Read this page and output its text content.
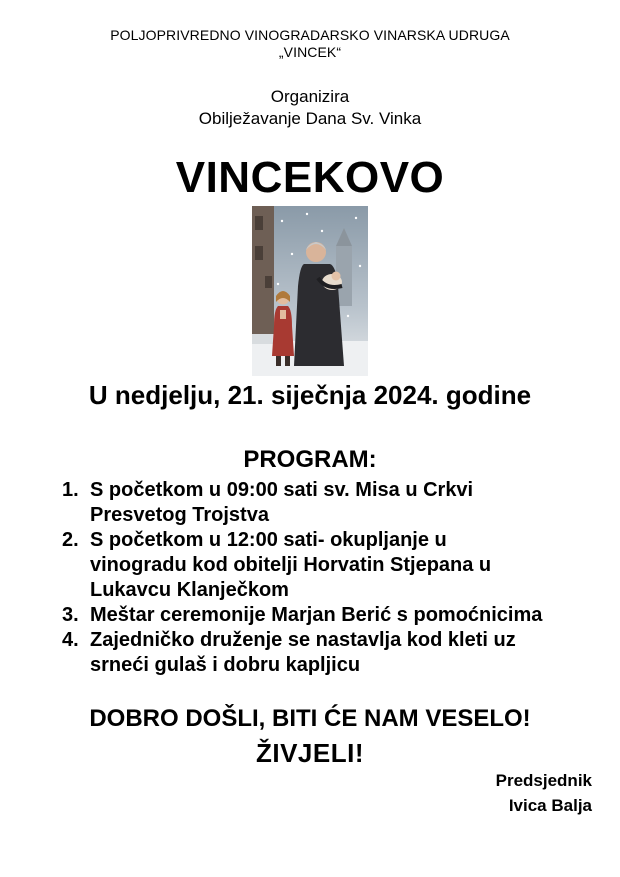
POLJOPRIVREDNO VINOGRADARSKO VINARSKA UDRUGA
„VINCEK“
Organizira
Obilježavanje Dana Sv. Vinka
VINCEKOVO
U nedjelju, 21. siječnja 2024. godine
PROGRAM:
1. S početkom u 09:00 sati sv. Misa u Crkvi
Presvetog Trojstva
2. S početkom u 12:00 sati- okupljanje u
vinogradu kod obitelji Horvatin Stjepana u
Lukavcu Klanječkom
3. Meštar ceremonije Marjan Berić s pomoćnicima
4. Zajedničko druženje se nastavlja kod kleti uz
srneći gulaš i dobru kapljicu
DOBRO DOŠLI, BITI ĆE NAM VESELO!
ŽIVJELI!
Predsjednik
Ivica Balja
